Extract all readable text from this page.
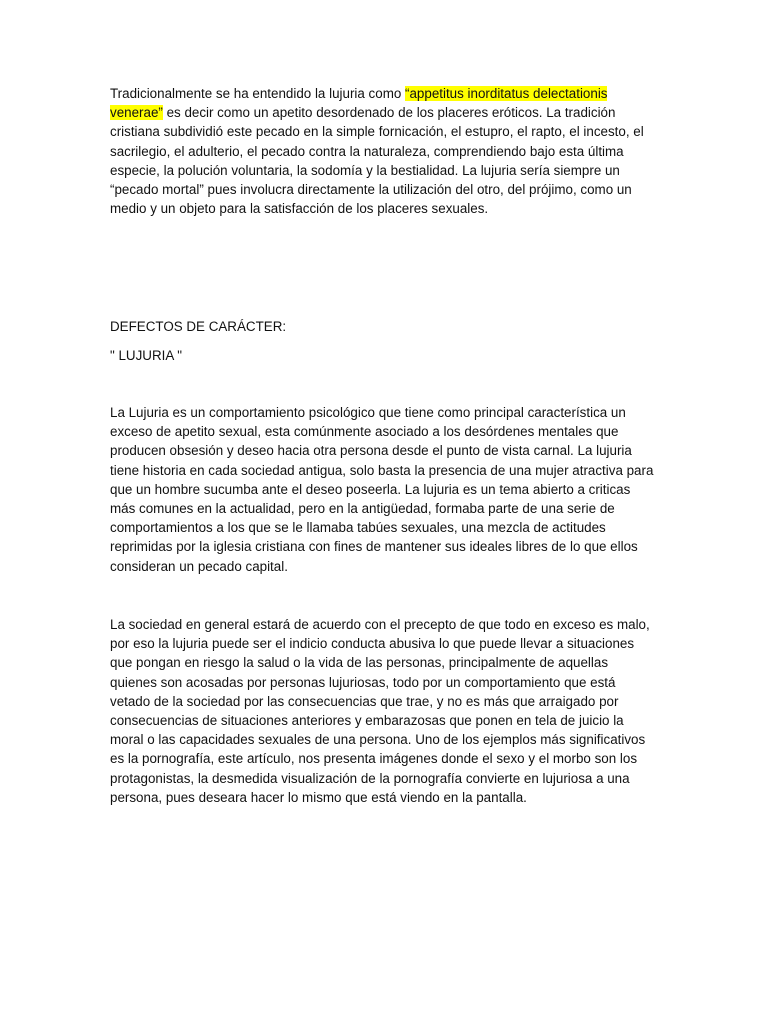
Tradicionalmente se ha entendido la lujuria como “appetitus inorditatus delectationis venerae” es decir como un apetito desordenado de los placeres eróticos. La tradición cristiana subdividió este pecado en la simple fornicación, el estupro, el rapto, el incesto, el sacrilegio, el adulterio, el pecado contra la naturaleza, comprendiendo bajo esta última especie, la polución voluntaria, la sodomía y la bestialidad. La lujuria sería siempre un “pecado mortal” pues involucra directamente la utilización del otro, del prójimo, como un medio y un objeto para la satisfacción de los placeres sexuales.

DEFECTOS DE CARÁCTER:

" LUJURIA "

La Lujuria es un comportamiento psicológico que tiene como principal característica un exceso de apetito sexual, esta comúnmente asociado a los desórdenes mentales que producen obsesión y deseo hacia otra persona desde el punto de vista carnal. La lujuria tiene historia en cada sociedad antigua, solo basta la presencia de una mujer atractiva para que un hombre sucumba ante el deseo poseerla. La lujuria es un tema abierto a criticas más comunes en la actualidad, pero en la antigüedad, formaba parte de una serie de comportamientos a los que se le llamaba tabúes sexuales, una mezcla de actitudes reprimidas por la iglesia cristiana con fines de mantener sus ideales libres de lo que ellos consideran un pecado capital.

La sociedad en general estará de acuerdo con el precepto de que todo en exceso es malo, por eso la lujuria puede ser el indicio conducta abusiva lo que puede llevar a situaciones que pongan en riesgo la salud o la vida de las personas, principalmente de aquellas quienes son acosadas por personas lujuriosas, todo por un comportamiento que está vetado de la sociedad por las consecuencias que trae, y no es más que arraigado por consecuencias de situaciones anteriores y embarazosas que ponen en tela de juicio la moral o las capacidades sexuales de una persona. Uno de los ejemplos más significativos es la pornografía, este artículo, nos presenta imágenes donde el sexo y el morbo son los protagonistas, la desmedida visualización de la pornografía convierte en lujuriosa a una persona, pues deseara hacer lo mismo que está viendo en la pantalla.
